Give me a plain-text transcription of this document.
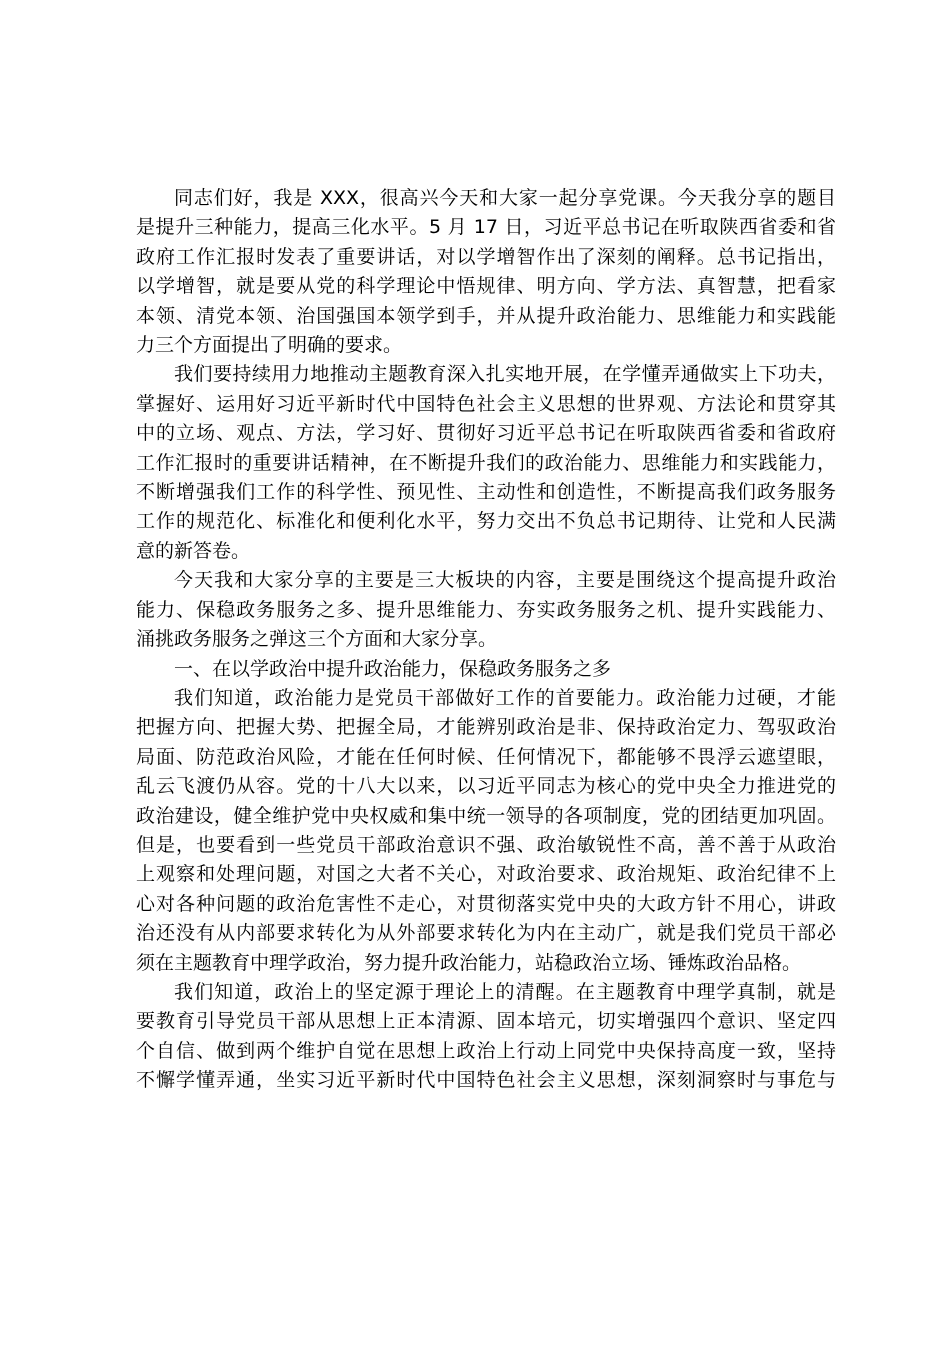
同志们好，我是 XXX，很高兴今天和大家一起分享党课。今天我分享的题目
是提升三种能力，提高三化水平。5 月 17 日，习近平总书记在听取陕西省委和省
政府工作汇报时发表了重要讲话，对以学增智作出了深刻的阐释。总书记指出，
以学增智，就是要从党的科学理论中悟规律、明方向、学方法、真智慧，把看家
本领、清党本领、治国强国本领学到手，并从提升政治能力、思维能力和实践能
力三个方面提出了明确的要求。
我们要持续用力地推动主题教育深入扎实地开展，在学懂弄通做实上下功夫，
掌握好、运用好习近平新时代中国特色社会主义思想的世界观、方法论和贯穿其
中的立场、观点、方法，学习好、贯彻好习近平总书记在听取陕西省委和省政府
工作汇报时的重要讲话精神，在不断提升我们的政治能力、思维能力和实践能力，
不断增强我们工作的科学性、预见性、主动性和创造性，不断提高我们政务服务
工作的规范化、标准化和便利化水平，努力交出不负总书记期待、让党和人民满
意的新答卷。
今天我和大家分享的主要是三大板块的内容，主要是围绕这个提高提升政治
能力、保稳政务服务之多、提升思维能力、夯实政务服务之机、提升实践能力、
涌挑政务服务之弹这三个方面和大家分享。
一、在以学政治中提升政治能力，保稳政务服务之多
我们知道，政治能力是党员干部做好工作的首要能力。政治能力过硬，才能
把握方向、把握大势、把握全局，才能辨别政治是非、保持政治定力、驾驭政治
局面、防范政治风险，才能在任何时候、任何情况下，都能够不畏浮云遮望眼，
乱云飞渡仍从容。党的十八大以来，以习近平同志为核心的党中央全力推进党的
政治建设，健全维护党中央权威和集中统一领导的各项制度，党的团结更加巩固。
但是，也要看到一些党员干部政治意识不强、政治敏锐性不高，善不善于从政治
上观察和处理问题，对国之大者不关心，对政治要求、政治规矩、政治纪律不上
心对各种问题的政治危害性不走心，对贯彻落实党中央的大政方针不用心，讲政
治还没有从内部要求转化为从外部要求转化为内在主动广，就是我们党员干部必
须在主题教育中理学政治，努力提升政治能力，站稳政治立场、锤炼政治品格。
我们知道，政治上的坚定源于理论上的清醒。在主题教育中理学真制，就是
要教育引导党员干部从思想上正本清源、固本培元，切实增强四个意识、坚定四
个自信、做到两个维护自觉在思想上政治上行动上同党中央保持高度一致，坚持
不懈学懂弄通，坐实习近平新时代中国特色社会主义思想，深刻洞察时与事危与
